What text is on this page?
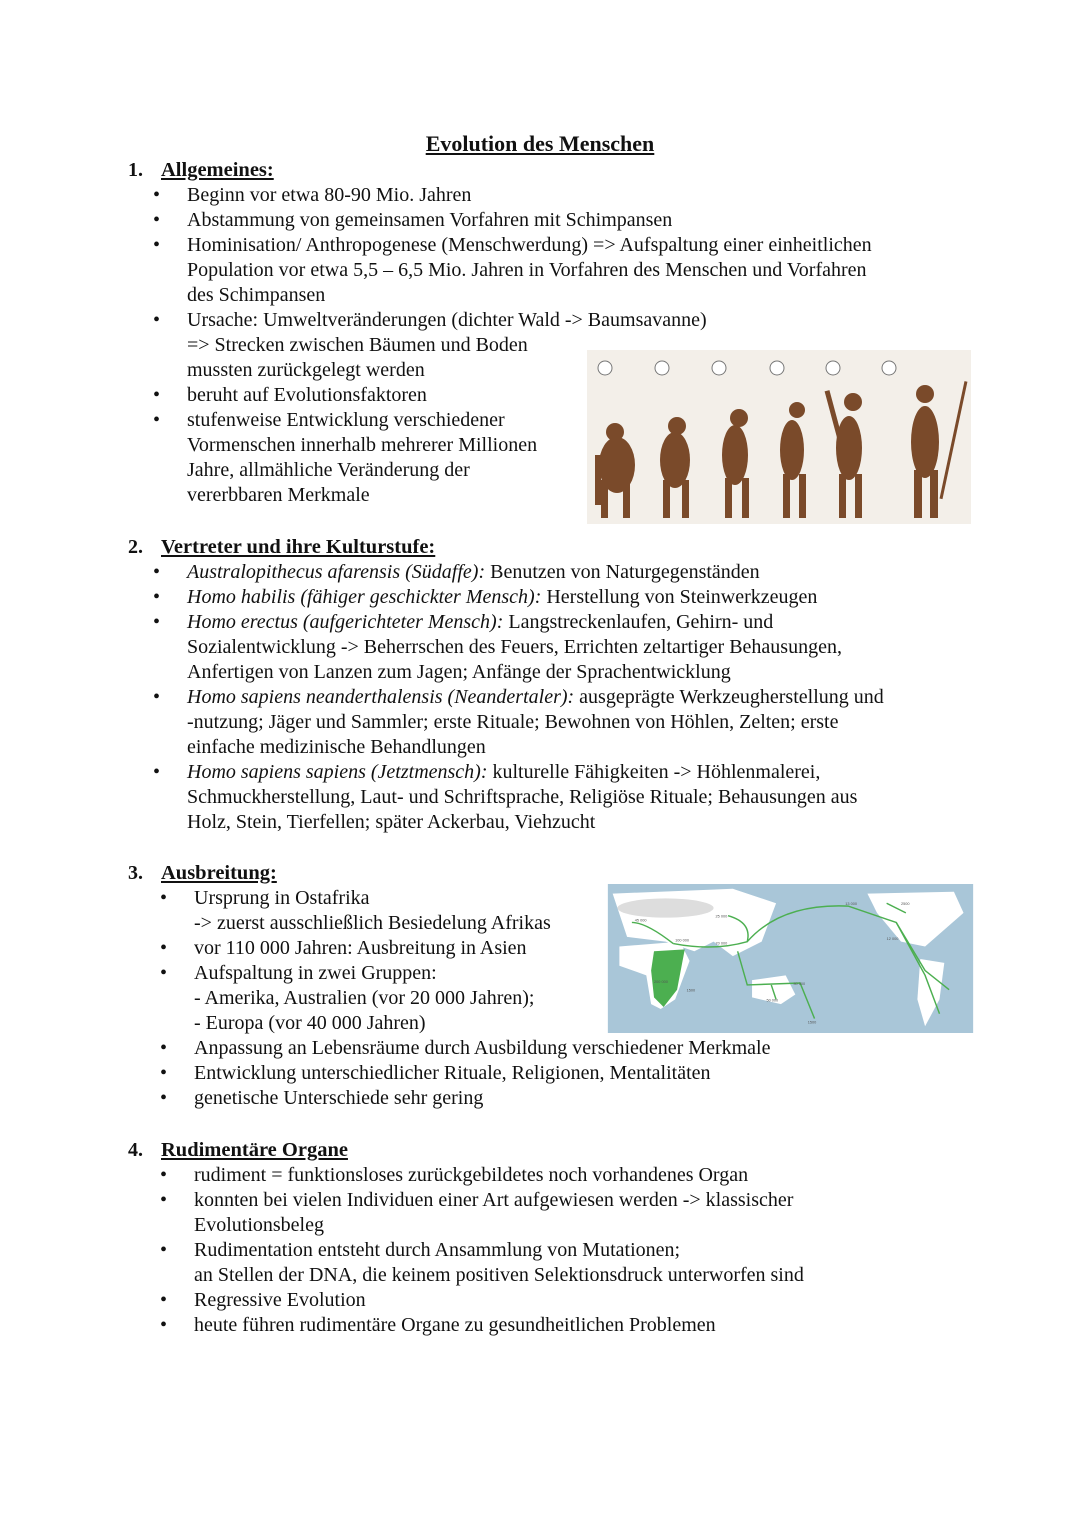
Evolution des Menschen
1. Allgemeines:
• Beginn vor etwa 80-90 Mio. Jahren
• Abstammung von gemeinsamen Vorfahren mit Schimpansen
• Hominisation/ Anthropogenese (Menschwerdung) => Aufspaltung einer einheitlichen
Population vor etwa 5,5 – 6,5 Mio. Jahren in Vorfahren des Menschen und Vorfahren
des Schimpansen
• Ursache: Umweltveränderungen (dichter Wald -> Baumsavanne)
=> Strecken zwischen Bäumen und Boden
mussten zurückgelegt werden
• beruht auf Evolutionsfaktoren
• stufenweise Entwicklung verschiedener
Vormenschen innerhalb mehrerer Millionen
Jahre, allmähliche Veränderung der
vererbbaren Merkmale
2. Vertreter und ihre Kulturstufe:
• Australopithecus afarensis (Südaffe): Benutzen von Naturgegenständen
• Homo habilis (fähiger geschickter Mensch): Herstellung von Steinwerkzeugen
• Homo erectus (aufgerichteter Mensch): Langstreckenlaufen, Gehirn- und
Sozialentwicklung -> Beherrschen des Feuers, Errichten zeltartiger Behausungen,
Anfertigen von Lanzen zum Jagen; Anfänge der Sprachentwicklung
• Homo sapiens neanderthalensis (Neandertaler): ausgeprägte Werkzeugherstellung und
-nutzung; Jäger und Sammler; erste Rituale; Bewohnen von Höhlen, Zelten; erste
einfache medizinische Behandlungen
• Homo sapiens sapiens (Jetztmensch): kulturelle Fähigkeiten -> Höhlenmalerei,
Schmuckherstellung, Laut- und Schriftsprache, Religiöse Rituale; Behausungen aus
Holz, Stein, Tierfellen; später Ackerbau, Viehzucht
3. Ausbreitung:
• Ursprung in Ostafrika
-> zuerst ausschließlich Besiedelung Afrikas
• vor 110 000 Jahren: Ausbreitung in Asien
• Aufspaltung in zwei Gruppen:
- Amerika, Australien (vor 20 000 Jahren);
- Europa (vor 40 000 Jahren)
• Anpassung an Lebensräume durch Ausbildung verschiedener Merkmale
• Entwicklung unterschiedlicher Rituale, Religionen, Mentalitäten
• genetische Unterschiede sehr gering
45 000
25 000
100 000
70 000
200 000
1500
50 000
30 000
1500
13 000	2500
12 000
4. Rudimentäre Organe
• rudiment = funktionsloses zurückgebildetes noch vorhandenes Organ
• konnten bei vielen Individuen einer Art aufgewiesen werden -> klassischer
Evolutionsbeleg
• Rudimentation entsteht durch Ansammlung von Mutationen;
an Stellen der DNA, die keinem positiven Selektionsdruck unterworfen sind
• Regressive Evolution
• heute führen rudimentäre Organe zu gesundheitlichen Problemen
